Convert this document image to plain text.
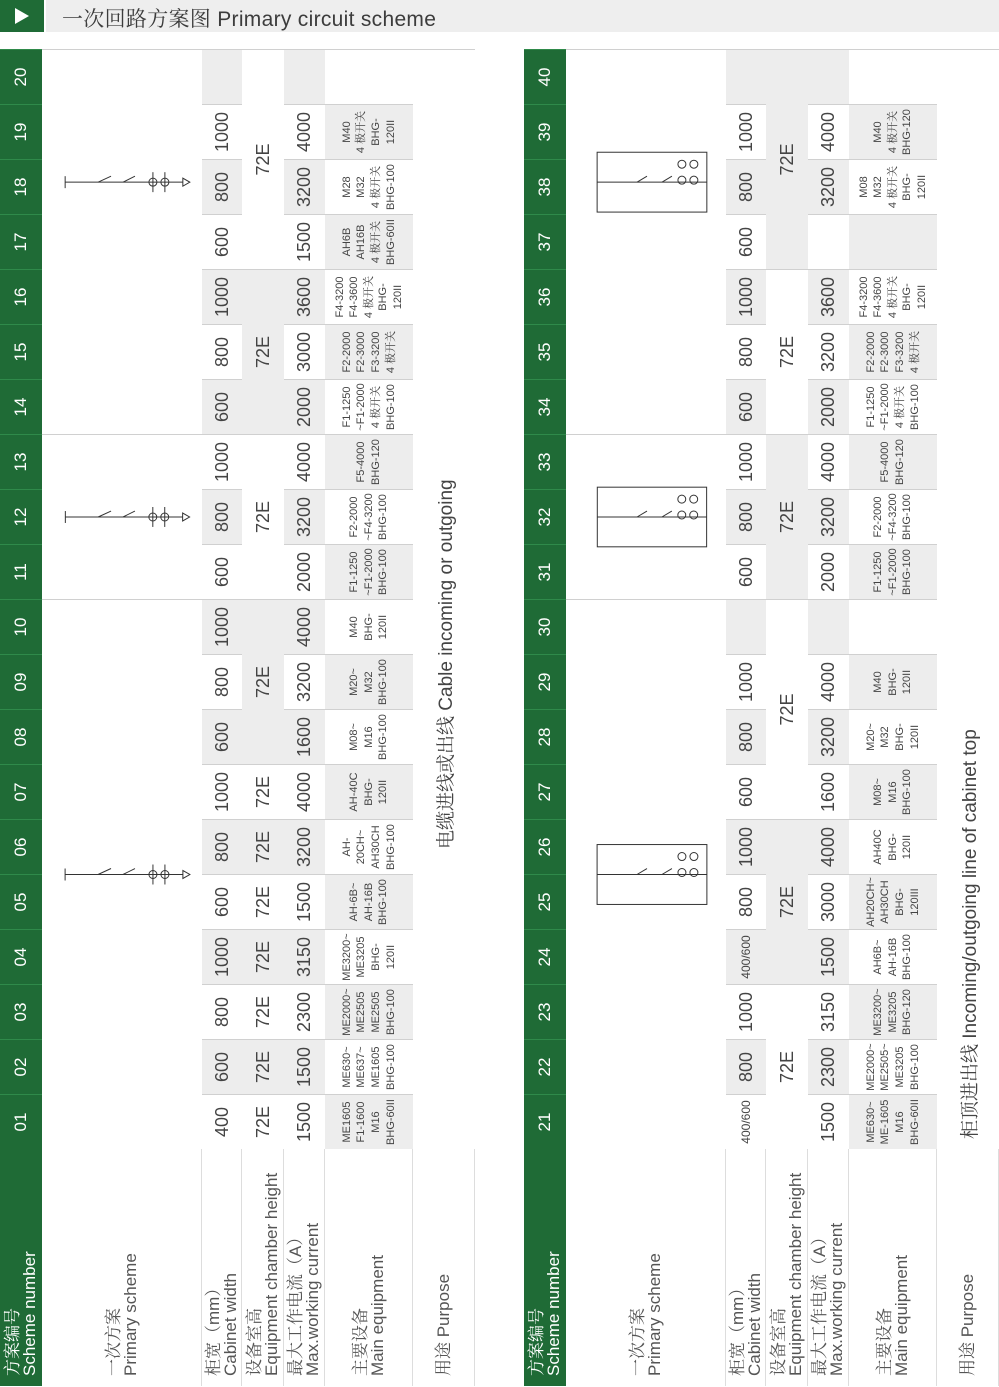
一次回路方案图 Primary circuit scheme
方案编号
Scheme number
01
02
03
04
05
06
07
08
09
10
11
12
13
14
15
16
17
18
19
20
一次方案
Primary scheme	柜宽（mm）
Cabinet width
400
600
800
1000
600
800
1000
600
800
1000
600
800
1000
600
800
1000
600
800
1000
设备室高
Equipment chamber height
72E
72E
72E
72E
72E
72E
72E
72E
72E
72E
72E
最大工作电流（A）
Max.working current
1500
1500
2300
3150
1500
3200
4000
1600
3200
4000
2000
3200
4000
2000
3000
3600
1500
3200
4000
主要设备
Main equipment
ME1605
F1-1600
M16
BHG-60II
ME630~
ME637~
ME1605
BHG-100
ME2000~
ME2505
ME2505
BHG-100
ME3200~
ME3205
BHG-
120II
AH-6B~
AH-16B
BHG-100
AH-
20CH~
AH30CH
BHG-100
AH-40C
BHG-
120II
M08~
M16
BHG-100
M20~
M32
BHG-100
M40
BHG-
120II
F1-1250
~F1-2000
BHG-100
F2-2000
~F4-3200
BHG-100
F5-4000
BHG-120
F1-1250
~F1-2000
4 极开关
BHG-100
F2-2000
F2-3000
F3-3200
4 极开关
F4-3200
F4-3600
4 极开关
BHG-
120II
AH6B
AH16B
4 极开关
BHG-60II
M28
M32
4 极开关
BHG-100
M40
4 极开关
BHG-
120II
用途 Purpose
电缆进线或出线 Cable incoming or outgoing
方案编号
Scheme number
21
22
23
24
25
26
27
28
29
30
31
32
33
34
35
36
37
38
39
40
一次方案
Primary scheme	柜宽（mm）
Cabinet width
400/600
800
1000
400/600
800
1000
600
800
1000
600
800
1000
600
800
1000
600
800
1000
设备室高
Equipment chamber height
72E
72E
72E
72E
72E
72E
最大工作电流（A）
Max.working current
1500
2300
3150
1500
3000
4000
1600
3200
4000
2000
3200
4000
2000
3200
3600
3200
4000
主要设备
Main equipment
ME630~
ME-1605
M16
BHG-60II
ME2000~
ME2505~
ME3205
BHG-100
ME3200~
ME3205
BHG-120
AH6B~
AH-16B
BHG-100
AH20CH~
AH30CH
BHG-
120III
AH40C
BHG-
120II
M08~
M16
BHG-100
M20~
M32
BHG-
120II
M40
BHG-
120II
F1-1250
~F1-2000
BHG-100
F2-2000
~F4-3200
BHG-100
F5-4000
BHG-120
F1-1250
~F1-2000
4 极开关
BHG-100
F2-2000
F2-3000
F3-3200
4 极开关
F4-3200
F4-3600
4 极开关
BHG-
120II
M08
M32
4 极开关
BHG-
120II
M40
4 极开关
BHG-120
用途 Purpose
柜顶进出线 Incoming/outgoing line of cabinet top
